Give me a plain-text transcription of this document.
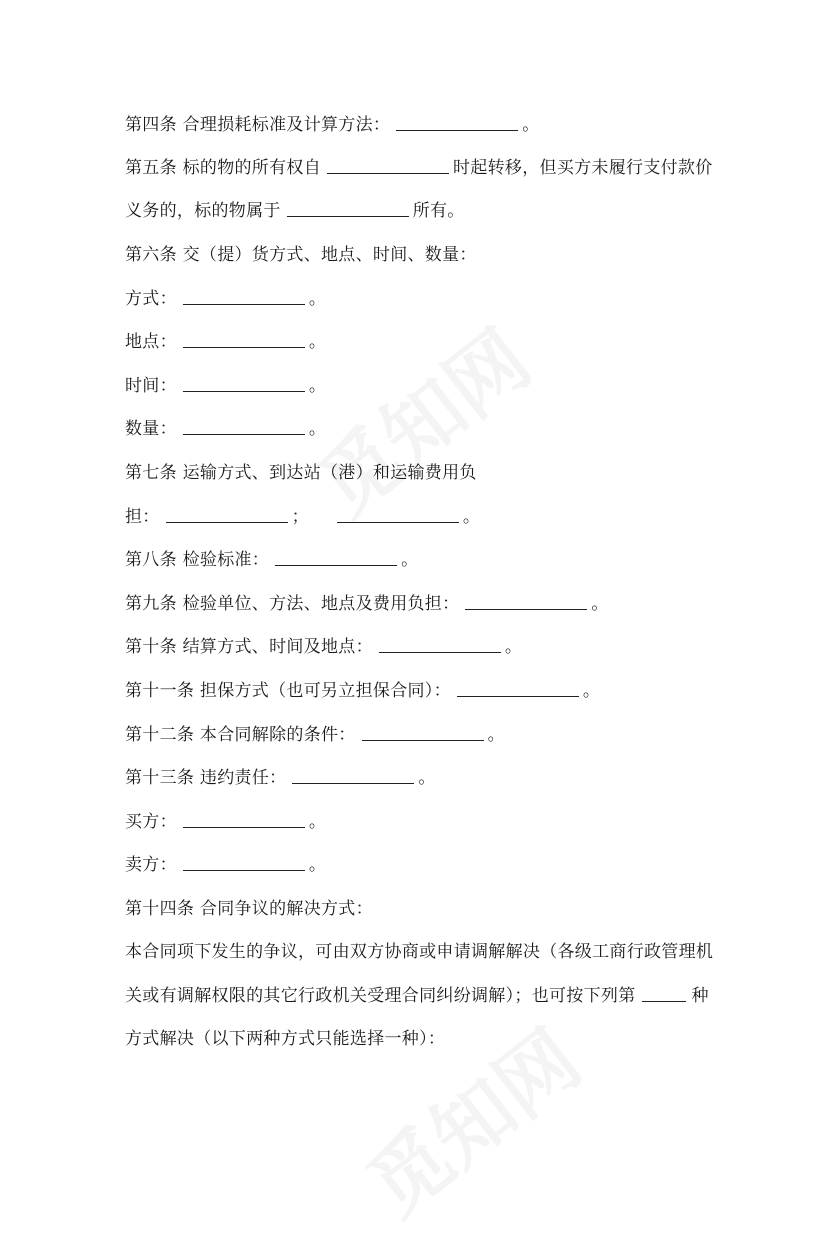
第四条 合理损耗标准及计算方法：	。
第五条 标的物的所有权自	时起转移，但买方未履行支付款价
义务的，标的物属于	所有。
第六条 交（提）货方式、地点、时间、数量：
方式：	。
地点：	。
时间：	。
数量：	。
第七条 运输方式、到达站（港）和运输费用负
担：	；	。
第八条 检验标准：	。
第九条 检验单位、方法、地点及费用负担：	。
第十条 结算方式、时间及地点：	。
第十一条 担保方式（也可另立担保合同）：	。
第十二条 本合同解除的条件：	。
第十三条 违约责任：	。
买方：	。
卖方：	。
第十四条 合同争议的解决方式：
本合同项下发生的争议，可由双方协商或申请调解解决（各级工商行政管理机
关或有调解权限的其它行政机关受理合同纠纷调解）；也可按下列第	种
方式解决（以下两种方式只能选择一种）：
